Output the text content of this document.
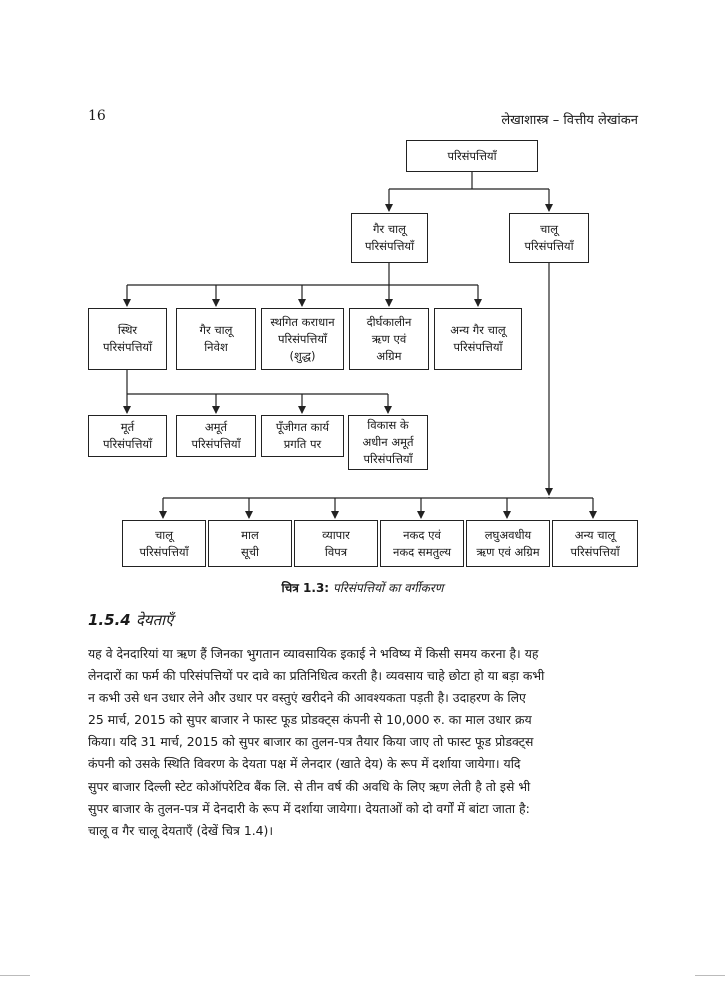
16	लेखाशास्त्र – वित्तीय लेखांकन
परिसंपत्तियाँ
गैर चालू
परिसंपत्तियाँ
चालू
परिसंपत्तियाँ
स्थिर
परिसंपत्तियाँ
गैर चालू
निवेश
स्थगित कराधान
परिसंपत्तियाँ
(शुद्ध)
दीर्घकालीन
ऋण एवं
अग्रिम
अन्य गैर चालू
परिसंपत्तियाँ
मूर्त
परिसंपत्तियाँ
अमूर्त
परिसंपत्तियाँ
पूँजीगत कार्य
प्रगति पर
विकास के
अधीन अमूर्त
परिसंपत्तियाँ
चालू
परिसंपत्तियाँ
माल
सूची
व्यापार
विपत्र
नकद एवं
नकद समतुल्य
लघुअवधीय
ऋण एवं अग्रिम
अन्य चालू
परिसंपत्तियाँ
चित्र 1.3: परिसंपत्तियों का वर्गीकरण
1.5.4 देयताएँ
यह वे देनदारियां या ऋण हैं जिनका भुगतान व्यावसायिक इकाई ने भविष्य में किसी समय करना है। यह
लेनदारों का फर्म की परिसंपत्तियों पर दावे का प्रतिनिधित्व करती है। व्यवसाय चाहे छोटा हो या बड़ा कभी
न कभी उसे धन उधार लेने और उधार पर वस्तुएं खरीदने की आवश्यकता पड़ती है। उदाहरण के लिए
25 मार्च, 2015 को सुपर बाजार ने फास्ट फूड प्रोडक्ट्स कंपनी से 10,000 रु. का माल उधार क्रय
किया। यदि 31 मार्च, 2015 को सुपर बाजार का तुलन-पत्र तैयार किया जाए तो फास्ट फूड प्रोडक्ट्स
कंपनी को उसके स्थिति विवरण के देयता पक्ष में लेनदार (खाते देय) के रूप में दर्शाया जायेगा। यदि
सुपर बाजार दिल्ली स्टेट कोऑपरेटिव बैंक लि. से तीन वर्ष की अवधि के लिए ऋण लेती है तो इसे भी
सुपर बाजार के तुलन-पत्र में देनदारी के रूप में दर्शाया जायेगा। देयताओं को दो वर्गों में बांटा जाता है:
चालू व गैर चालू देयताएँ (देखें चित्र 1.4)।
